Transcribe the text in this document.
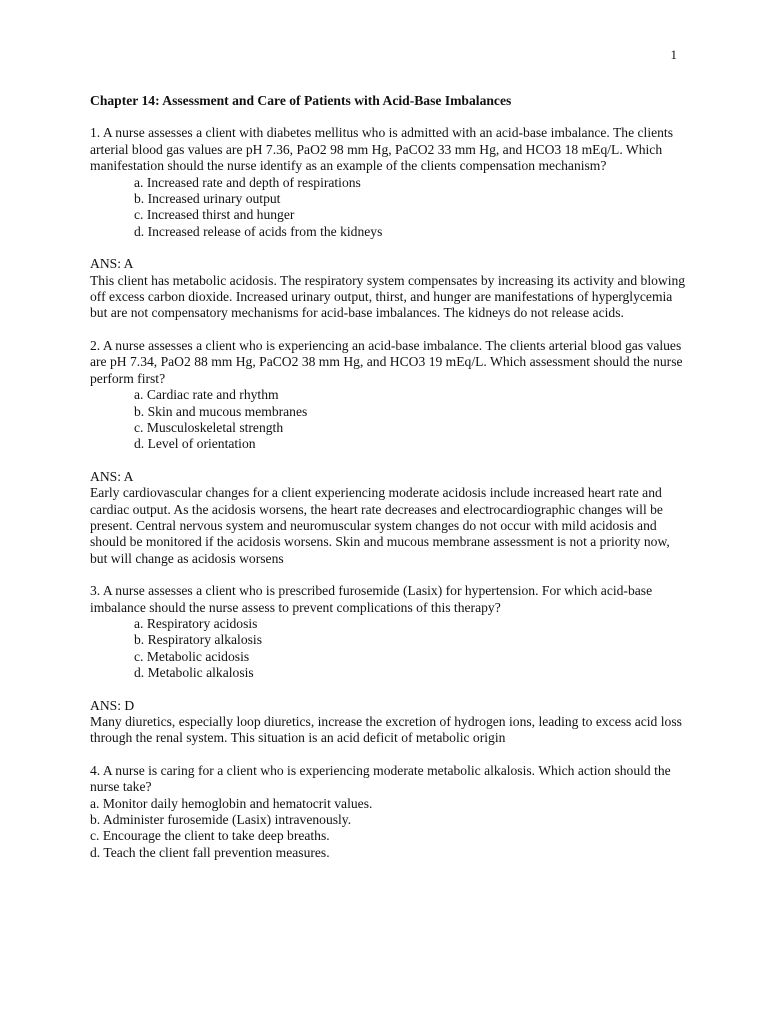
1

Chapter 14: Assessment and Care of Patients with Acid-Base Imbalances

1. A nurse assesses a client with diabetes mellitus who is admitted with an acid-base imbalance. The clients arterial blood gas values are pH 7.36, PaO2 98 mm Hg, PaCO2 33 mm Hg, and HCO3 18 mEq/L. Which manifestation should the nurse identify as an example of the clients compensation mechanism?

a. Increased rate and depth of respirations
b. Increased urinary output
c. Increased thirst and hunger
d. Increased release of acids from the kidneys

ANS: A

This client has metabolic acidosis. The respiratory system compensates by increasing its activity and blowing off excess carbon dioxide. Increased urinary output, thirst, and hunger are manifestations of hyperglycemia but are not compensatory mechanisms for acid-base imbalances. The kidneys do not release acids.

2. A nurse assesses a client who is experiencing an acid-base imbalance. The clients arterial blood gas values are pH 7.34, PaO2 88 mm Hg, PaCO2 38 mm Hg, and HCO3 19 mEq/L. Which assessment should the nurse perform first?

a. Cardiac rate and rhythm
b. Skin and mucous membranes
c. Musculoskeletal strength
d. Level of orientation

ANS: A

Early cardiovascular changes for a client experiencing moderate acidosis include increased heart rate and cardiac output. As the acidosis worsens, the heart rate decreases and electrocardiographic changes will be present. Central nervous system and neuromuscular system changes do not occur with mild acidosis and should be monitored if the acidosis worsens. Skin and mucous membrane assessment is not a priority now, but will change as acidosis worsens

3. A nurse assesses a client who is prescribed furosemide (Lasix) for hypertension. For which acid-base imbalance should the nurse assess to prevent complications of this therapy?

a. Respiratory acidosis
b. Respiratory alkalosis
c. Metabolic acidosis
d. Metabolic alkalosis

ANS: D

Many diuretics, especially loop diuretics, increase the excretion of hydrogen ions, leading to excess acid loss through the renal system. This situation is an acid deficit of metabolic origin

4. A nurse is caring for a client who is experiencing moderate metabolic alkalosis. Which action should the nurse take?

a. Monitor daily hemoglobin and hematocrit values.
b. Administer furosemide (Lasix) intravenously.
c. Encourage the client to take deep breaths.
d. Teach the client fall prevention measures.
